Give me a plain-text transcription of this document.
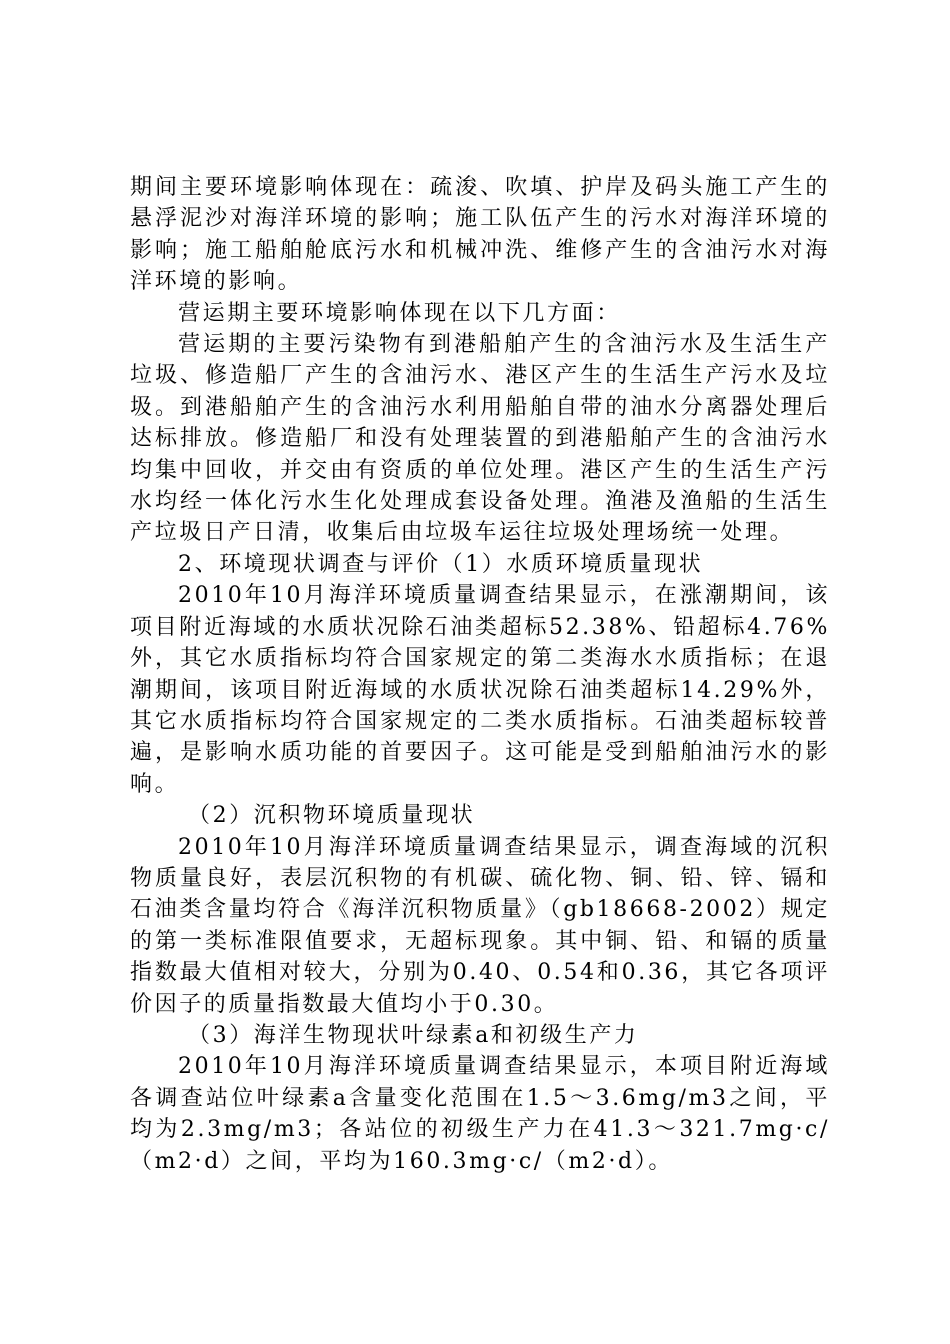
期间主要环境影响体现在：疏浚、吹填、护岸及码头施工产生的悬浮泥沙对海洋环境的影响；施工队伍产生的污水对海洋环境的影响；施工船舶舱底污水和机械冲洗、维修产生的含油污水对海洋环境的影响。

营运期主要环境影响体现在以下几方面：

营运期的主要污染物有到港船舶产生的含油污水及生活生产垃圾、修造船厂产生的含油污水、港区产生的生活生产污水及垃圾。到港船舶产生的含油污水利用船舶自带的油水分离器处理后达标排放。修造船厂和没有处理装置的到港船舶产生的含油污水均集中回收，并交由有资质的单位处理。港区产生的生活生产污水均经一体化污水生化处理成套设备处理。渔港及渔船的生活生产垃圾日产日清，收集后由垃圾车运往垃圾处理场统一处理。

2、环境现状调查与评价（1）水质环境质量现状

2010年10月海洋环境质量调查结果显示，在涨潮期间，该项目附近海域的水质状况除石油类超标52.38%、铅超标4.76%外，其它水质指标均符合国家规定的第二类海水水质指标；在退潮期间，该项目附近海域的水质状况除石油类超标14.29%外，其它水质指标均符合国家规定的二类水质指标。石油类超标较普遍，是影响水质功能的首要因子。这可能是受到船舶油污水的影响。

（2）沉积物环境质量现状

2010年10月海洋环境质量调查结果显示，调查海域的沉积物质量良好，表层沉积物的有机碳、硫化物、铜、铅、锌、镉和石油类含量均符合《海洋沉积物质量》（gb18668-2002）规定的第一类标准限值要求，无超标现象。其中铜、铅、和镉的质量指数最大值相对较大，分别为0.40、0.54和0.36，其它各项评价因子的质量指数最大值均小于0.30。

（3）海洋生物现状叶绿素a和初级生产力

2010年10月海洋环境质量调查结果显示，本项目附近海域各调查站位叶绿素a含量变化范围在1.5～3.6mg/m3之间，平均为2.3mg/m3；各站位的初级生产力在41.3～321.7mg·c/（m2·d）之间，平均为160.3mg·c/（m2·d）。
